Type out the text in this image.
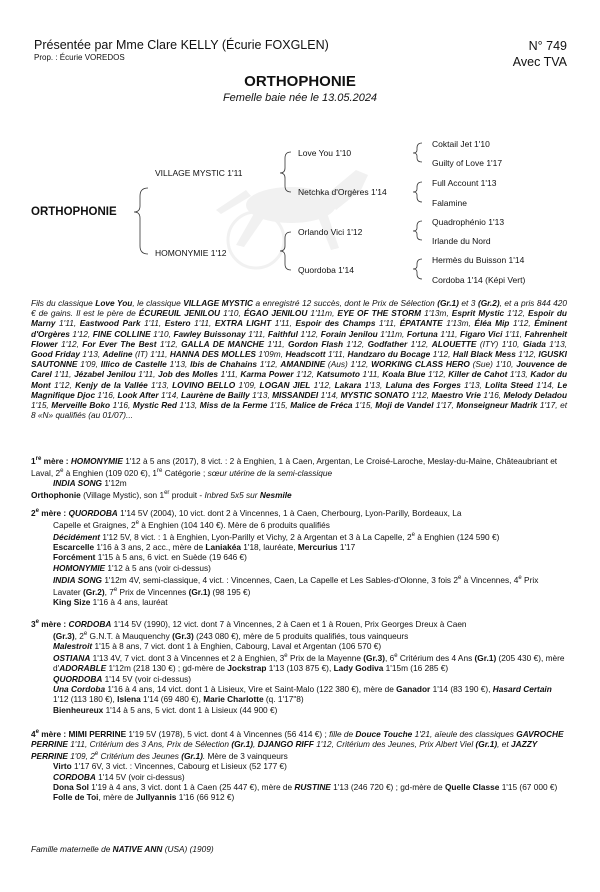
Présentée par Mme Clare KELLY (Écurie FOXGLEN)
Prop. : Écurie VOREDOS
N° 749
Avec TVA
ORTHOPHONIE
Femelle baie née le 13.05.2024
ORTHOPHONIE
VILLAGE MYSTIC 1'11
HOMONYMIE 1'12
Love You 1'10
Netchka d'Orgères 1'14
Orlando Vici 1'12
Quordoba 1'14
Coktail Jet 1'10
Guilty of Love 1'17
Full Account 1'13
Falamine
Quadrophénio 1'13
Irlande du Nord
Hermès du Buisson 1'14
Cordoba 1'14 (Képi Vert)
Fils du classique Love You, le classique VILLAGE MYSTIC a enregistré 12 succès, dont le Prix de Sélection (Gr.1) et 3 (Gr.2), et a pris 844 420 € de gains. Il est le père de ÉCUREUIL JENILOU 1'10, ÉGAO JENILOU 1'11m, EYE OF THE STORM 1'13m, Esprit Mystic 1'12, Espoir du Marny 1'11, Eastwood Park 1'11, Estero 1'11, EXTRA LIGHT 1'11, Espoir des Champs 1'11, ÉPATANTE 1'13m, Éléa Mip 1'12, Éminent d'Orgères 1'12, FINE COLLINE 1'10, Fawley Buissonay 1'11, Faithful 1'12, Forain Jenilou 1'11m, Fortuna 1'11, Figaro Vici 1'11, Fahrenheit Flower 1'12, For Ever The Best 1'12, GALLA DE MANCHE 1'11, Gordon Flash 1'12, Godfather 1'12, ALOUETTE (ITY) 1'10, Giada 1'13, Good Friday 1'13, Adeline (IT) 1'11, HANNA DES MOLLES 1'09m, Headscott 1'11, Handzaro du Bocage 1'12, Hall Black Mess 1'12, IGUSKI SAUTONNE 1'09, Illico de Castelle 1'13, Ibis de Chahains 1'12, AMANDINE (Aus) 1'12, WORKING CLASS HERO (Sue) 1'10, Jouvence de Carel 1'11, Jézabel Jenilou 1'11, Job des Molles 1'11, Karma Power 1'12, Katsumoto 1'11, Koala Blue 1'12, Killer de Cahot 1'13, Kador du Mont 1'12, Kenjy de la Vallée 1'13, LOVINO BELLO 1'09, LOGAN JIEL 1'12, Lakara 1'13, Laluna des Forges 1'13, Lolita Steed 1'14, Le Magnifique Djoc 1'16, Look After 1'14, Laurène de Bailly 1'13, MISSANDEI 1'14, MYSTIC SONATO 1'12, Maestro Vrie 1'16, Melody Deladou 1'15, Merveille Boko 1'16, Mystic Red 1'13, Miss de la Ferme 1'15, Malice de Fréca 1'15, Moji de Vandel 1'17, Monseigneur Madrik 1'17, et 8 «N» qualifiés (au 01/07)...
1re mère : HOMONYMIE 1'12 à 5 ans (2017), 8 vict. : 2 à Enghien, 1 à Caen, Argentan, Le Croisé-Laroche, Meslay-du-Maine, Châteaubriant et Laval, 2e à Enghien (109 020 €), 1re Catégorie ; sœur utérine de la semi-classique
INDIA SONG 1'12m
Orthophonie (Village Mystic), son 1er produit - Inbred 5x5 sur Nesmile
2e mère : QUORDOBA 1'14 5V (2004), 10 vict. dont 2 à Vincennes, 1 à Caen, Cherbourg, Lyon-Parilly, Bordeaux, La
Capelle et Graignes, 2e à Enghien (104 140 €). Mère de 6 produits qualifiés
Décidément 1'12 5V, 8 vict. : 1 à Enghien, Lyon-Parilly et Vichy, 2 à Argentan et 3 à La Capelle, 2e à Enghien (124 590 €)
Escarcelle 1'16 à 3 ans, 2 acc., mère de Laniakéa 1'18, lauréate, Mercurius 1'17
Forcément 1'15 à 5 ans, 6 vict. en Suède (19 646 €)
HOMONYMIE 1'12 à 5 ans (voir ci-dessus)
INDIA SONG 1'12m 4V, semi-classique, 4 vict. : Vincennes, Caen, La Capelle et Les Sables-d'Olonne, 3 fois 2e à Vincennes, 4e Prix Lavater (Gr.2), 7e Prix de Vincennes (Gr.1) (98 195 €)
King Size 1'16 à 4 ans, lauréat
3e mère : CORDOBA 1'14 5V (1990), 12 vict. dont 7 à Vincennes, 2 à Caen et 1 à Rouen, Prix Georges Dreux à Caen
(Gr.3), 2e G.N.T. à Mauquenchy (Gr.3) (243 080 €), mère de 5 produits qualifiés, tous vainqueurs
Malestroit 1'15 à 8 ans, 7 vict. dont 1 à Enghien, Cabourg, Laval et Argentan (106 570 €)
OSTIANA 1'13 4V, 7 vict. dont 3 à Vincennes et 2 à Enghien, 3e Prix de la Mayenne (Gr.3), 6e Critérium des 4 Ans (Gr.1) (205 430 €), mère d'ADORABLE 1'12m (218 130 €) ; gd-mère de Jockstrap 1'13 (103 875 €), Lady Godiva 1'15m (16 285 €)
QUORDOBA 1'14 5V (voir ci-dessus)
Una Cordoba 1'16 à 4 ans, 14 vict. dont 1 à Lisieux, Vire et Saint-Malo (122 380 €), mère de Ganador 1'14 (83 190 €), Hasard Certain 1'12 (113 180 €), Islena 1'14 (69 480 €), Marie Charlotte (q. 1'17"8)
Bienheureux 1'14 à 5 ans, 5 vict. dont 1 à Lisieux (44 900 €)
4e mère : MIMI PERRINE 1'19 5V (1978), 5 vict. dont 4 à Vincennes (56 414 €) ; fille de Douce Touche 1'21, aïeule des classiques GAVROCHE PERRINE 1'11, Critérium des 3 Ans, Prix de Sélection (Gr.1), DJANGO RIFF 1'12, Critérium des Jeunes, Prix Albert Viel (Gr.1), et JAZZY PERRINE 1'09, 2e Critérium des Jeunes (Gr.1). Mère de 3 vainqueurs
Virto 1'17 6V, 3 vict. : Vincennes, Cabourg et Lisieux (52 177 €)
CORDOBA 1'14 5V (voir ci-dessus)
Dona Sol 1'19 à 4 ans, 3 vict. dont 1 à Caen (25 447 €), mère de RUSTINE 1'13 (246 720 €) ; gd-mère de Quelle Classe 1'15 (67 000 €)
Folle de Toi, mère de Jullyannis 1'16 (66 912 €)
Famille maternelle de NATIVE ANN (USA) (1909)
